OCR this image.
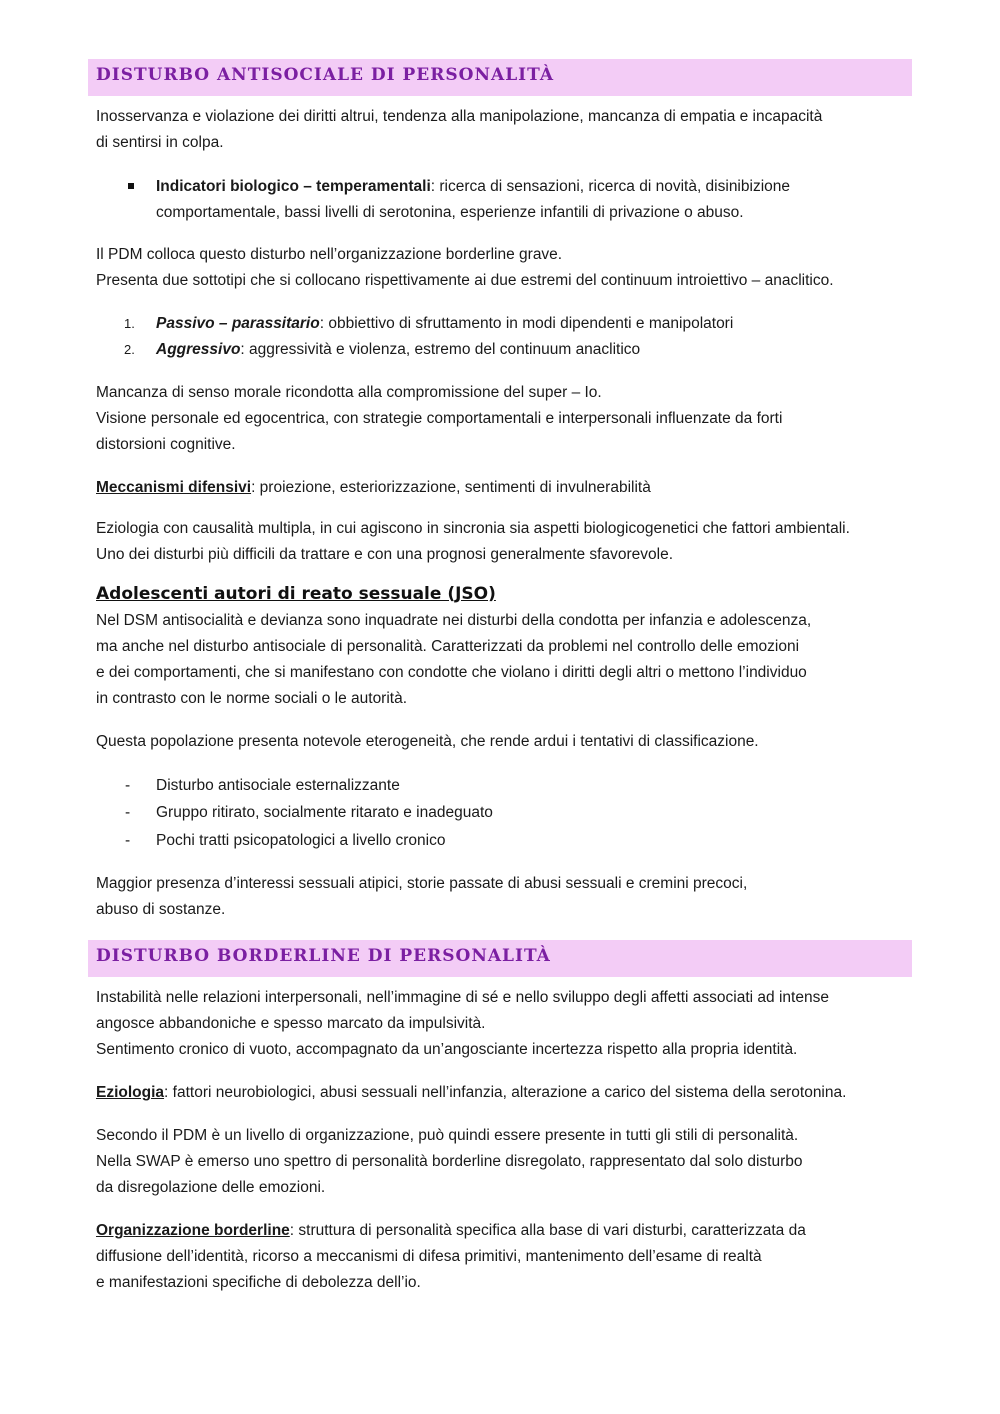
DISTURBO ANTISOCIALE DI PERSONALITÀ
Inosservanza e violazione dei diritti altrui, tendenza alla manipolazione, mancanza di empatia e incapacità
di sentirsi in colpa.
Indicatori biologico – temperamentali: ricerca di sensazioni, ricerca di novità, disinibizione
comportamentale, bassi livelli di serotonina, esperienze infantili di privazione o abuso.
Il PDM colloca questo disturbo nell’organizzazione borderline grave.
Presenta due sottotipi che si collocano rispettivamente ai due estremi del continuum introiettivo – anaclitico.
1. Passivo – parassitario: obbiettivo di sfruttamento in modi dipendenti e manipolatori
2. Aggressivo: aggressività e violenza, estremo del continuum anaclitico
Mancanza di senso morale ricondotta alla compromissione del super – Io.
Visione personale ed egocentrica, con strategie comportamentali e interpersonali influenzate da forti
distorsioni cognitive.
Meccanismi difensivi: proiezione, esteriorizzazione, sentimenti di invulnerabilità
Eziologia con causalità multipla, in cui agiscono in sincronia sia aspetti biologicogenetici che fattori ambientali.
Uno dei disturbi più difficili da trattare e con una prognosi generalmente sfavorevole.
Adolescenti autori di reato sessuale (JSO)
Nel DSM antisocialità e devianza sono inquadrate nei disturbi della condotta per infanzia e adolescenza,
ma anche nel disturbo antisociale di personalità. Caratterizzati da problemi nel controllo delle emozioni
e dei comportamenti, che si manifestano con condotte che violano i diritti degli altri o mettono l’individuo
in contrasto con le norme sociali o le autorità.
Questa popolazione presenta notevole eterogeneità, che rende ardui i tentativi di classificazione.
- Disturbo antisociale esternalizzante
- Gruppo ritirato, socialmente ritarato e inadeguato
- Pochi tratti psicopatologici a livello cronico
Maggior presenza d’interessi sessuali atipici, storie passate di abusi sessuali e cremini precoci,
abuso di sostanze.
DISTURBO BORDERLINE DI PERSONALITÀ
Instabilità nelle relazioni interpersonali, nell’immagine di sé e nello sviluppo degli affetti associati ad intense
angosce abbandoniche e spesso marcato da impulsività.
Sentimento cronico di vuoto, accompagnato da un’angosciante incertezza rispetto alla propria identità.
Eziologia: fattori neurobiologici, abusi sessuali nell’infanzia, alterazione a carico del sistema della serotonina.
Secondo il PDM è un livello di organizzazione, può quindi essere presente in tutti gli stili di personalità.
Nella SWAP è emerso uno spettro di personalità borderline disregolato, rappresentato dal solo disturbo
da disregolazione delle emozioni.
Organizzazione borderline: struttura di personalità specifica alla base di vari disturbi, caratterizzata da
diffusione dell’identità, ricorso a meccanismi di difesa primitivi, mantenimento dell’esame di realtà
e manifestazioni specifiche di debolezza dell’io.
